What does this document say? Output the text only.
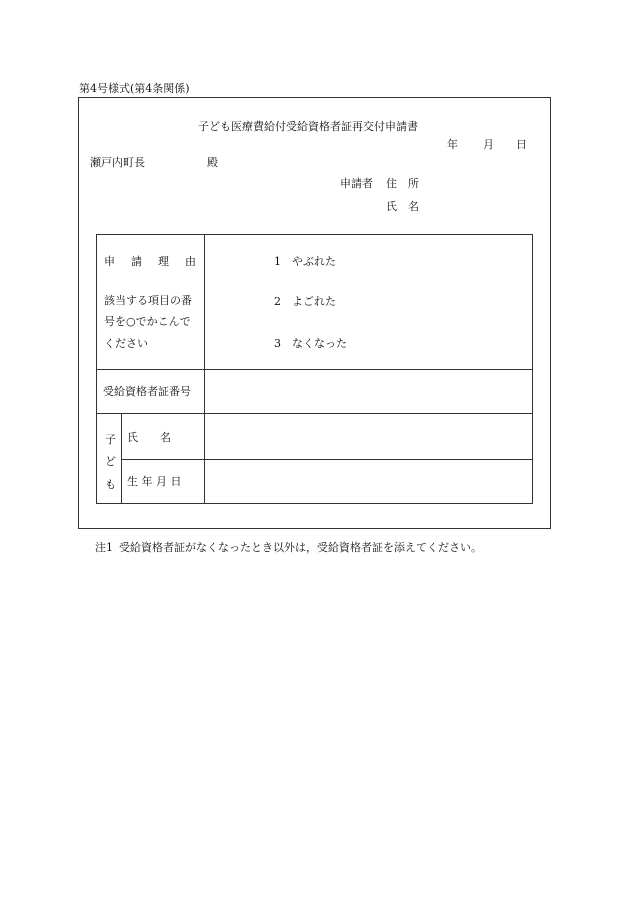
第4号様式(第4条関係)
子ども医療費給付受給資格者証再交付申請書
年 月 日
瀬戸内町長	殿
申請者 住　所
氏　名
申 請 理 由
該当する項目の番
号を○でかこんで
ください
1 やぶれた
2 よごれた
3 なくなった
受給資格者証番号
子
ど
も
氏　　名
生 年 月 日
注1 受給資格者証がなくなったとき以外は，受給資格者証を添えてください。
